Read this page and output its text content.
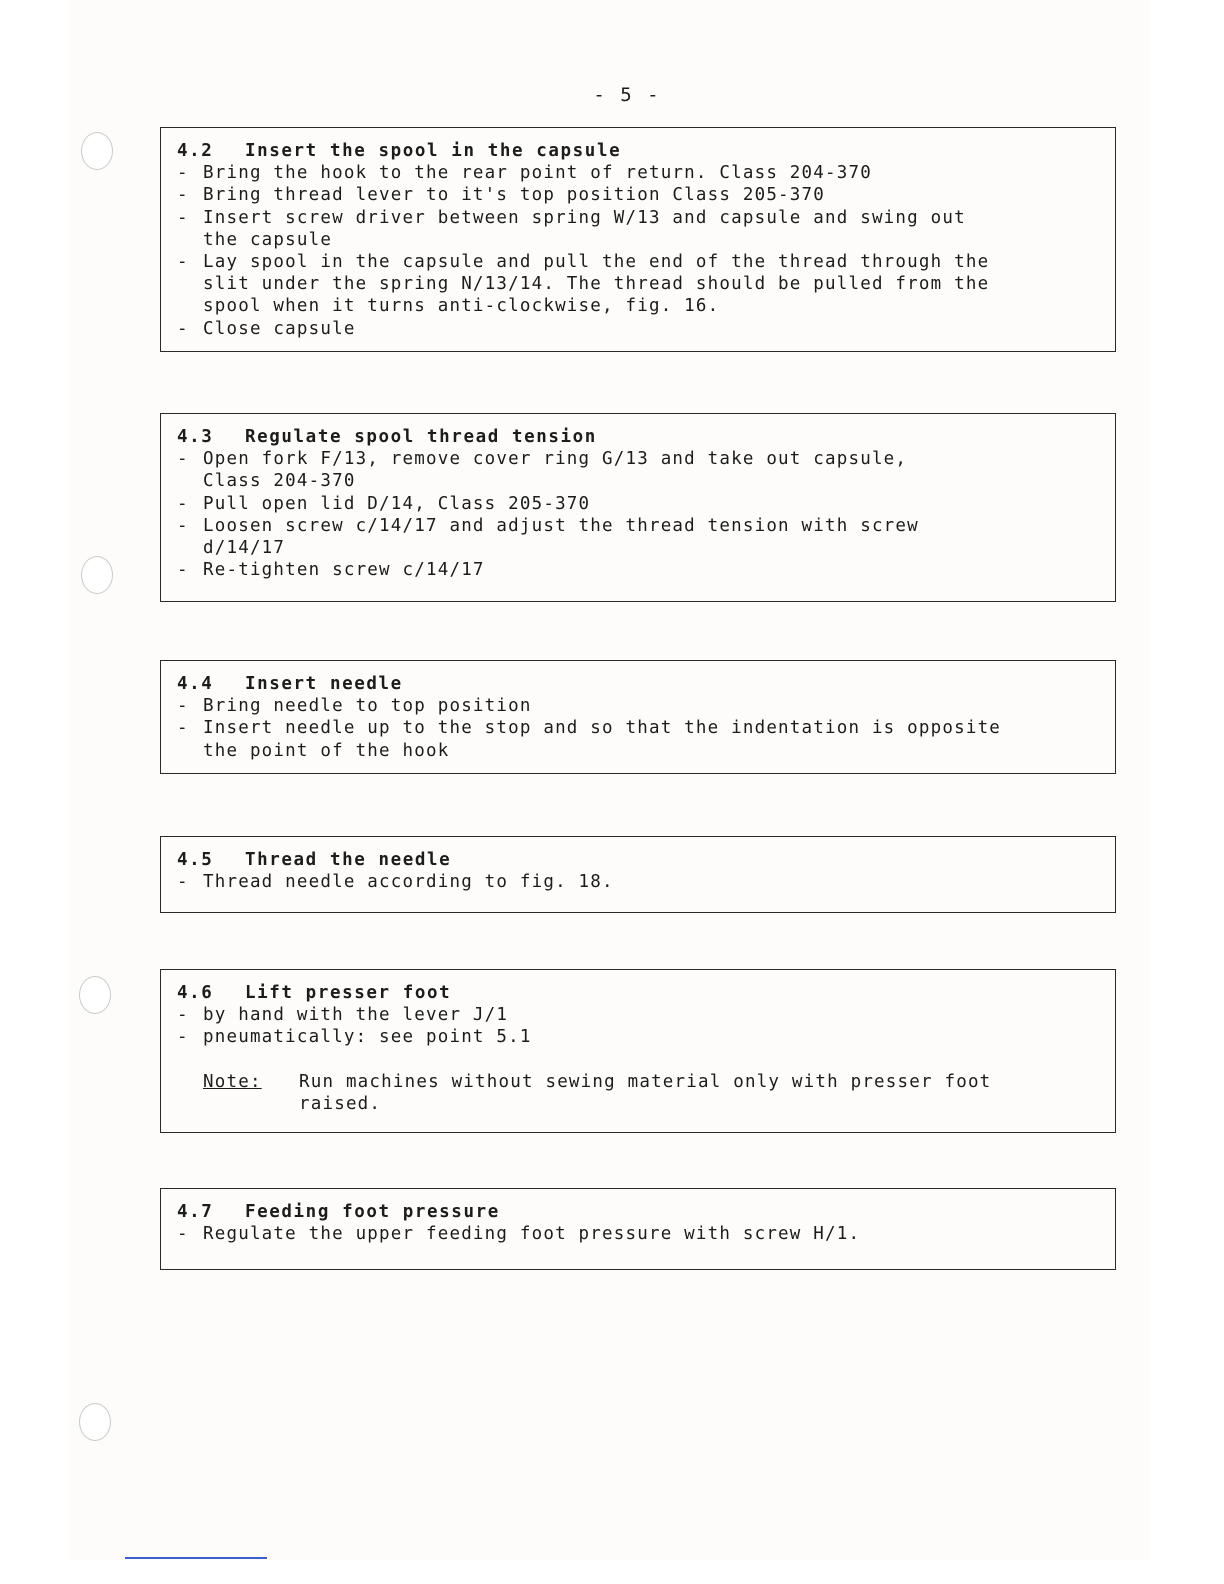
- 5 -
4.2 Insert the spool in the capsule
- Bring the hook to the rear point of return. Class 204-370
- Bring thread lever to it's top position Class 205-370
- Insert screw driver between spring W/13 and capsule and swing out
the capsule
- Lay spool in the capsule and pull the end of the thread through the
slit under the spring N/13/14. The thread should be pulled from the
spool when it turns anti-clockwise, fig. 16.
- Close capsule
4.3 Regulate spool thread tension
- Open fork F/13, remove cover ring G/13 and take out capsule,
Class 204-370
- Pull open lid D/14, Class 205-370
- Loosen screw c/14/17 and adjust the thread tension with screw
d/14/17
- Re-tighten screw c/14/17
4.4 Insert needle
- Bring needle to top position
- Insert needle up to the stop and so that the indentation is opposite
the point of the hook
4.5 Thread the needle
- Thread needle according to fig. 18.
4.6 Lift presser foot
- by hand with the lever J/1
- pneumatically: see point 5.1
Note: Run machines without sewing material only with presser foot
raised.
4.7 Feeding foot pressure
- Regulate the upper feeding foot pressure with screw H/1.
